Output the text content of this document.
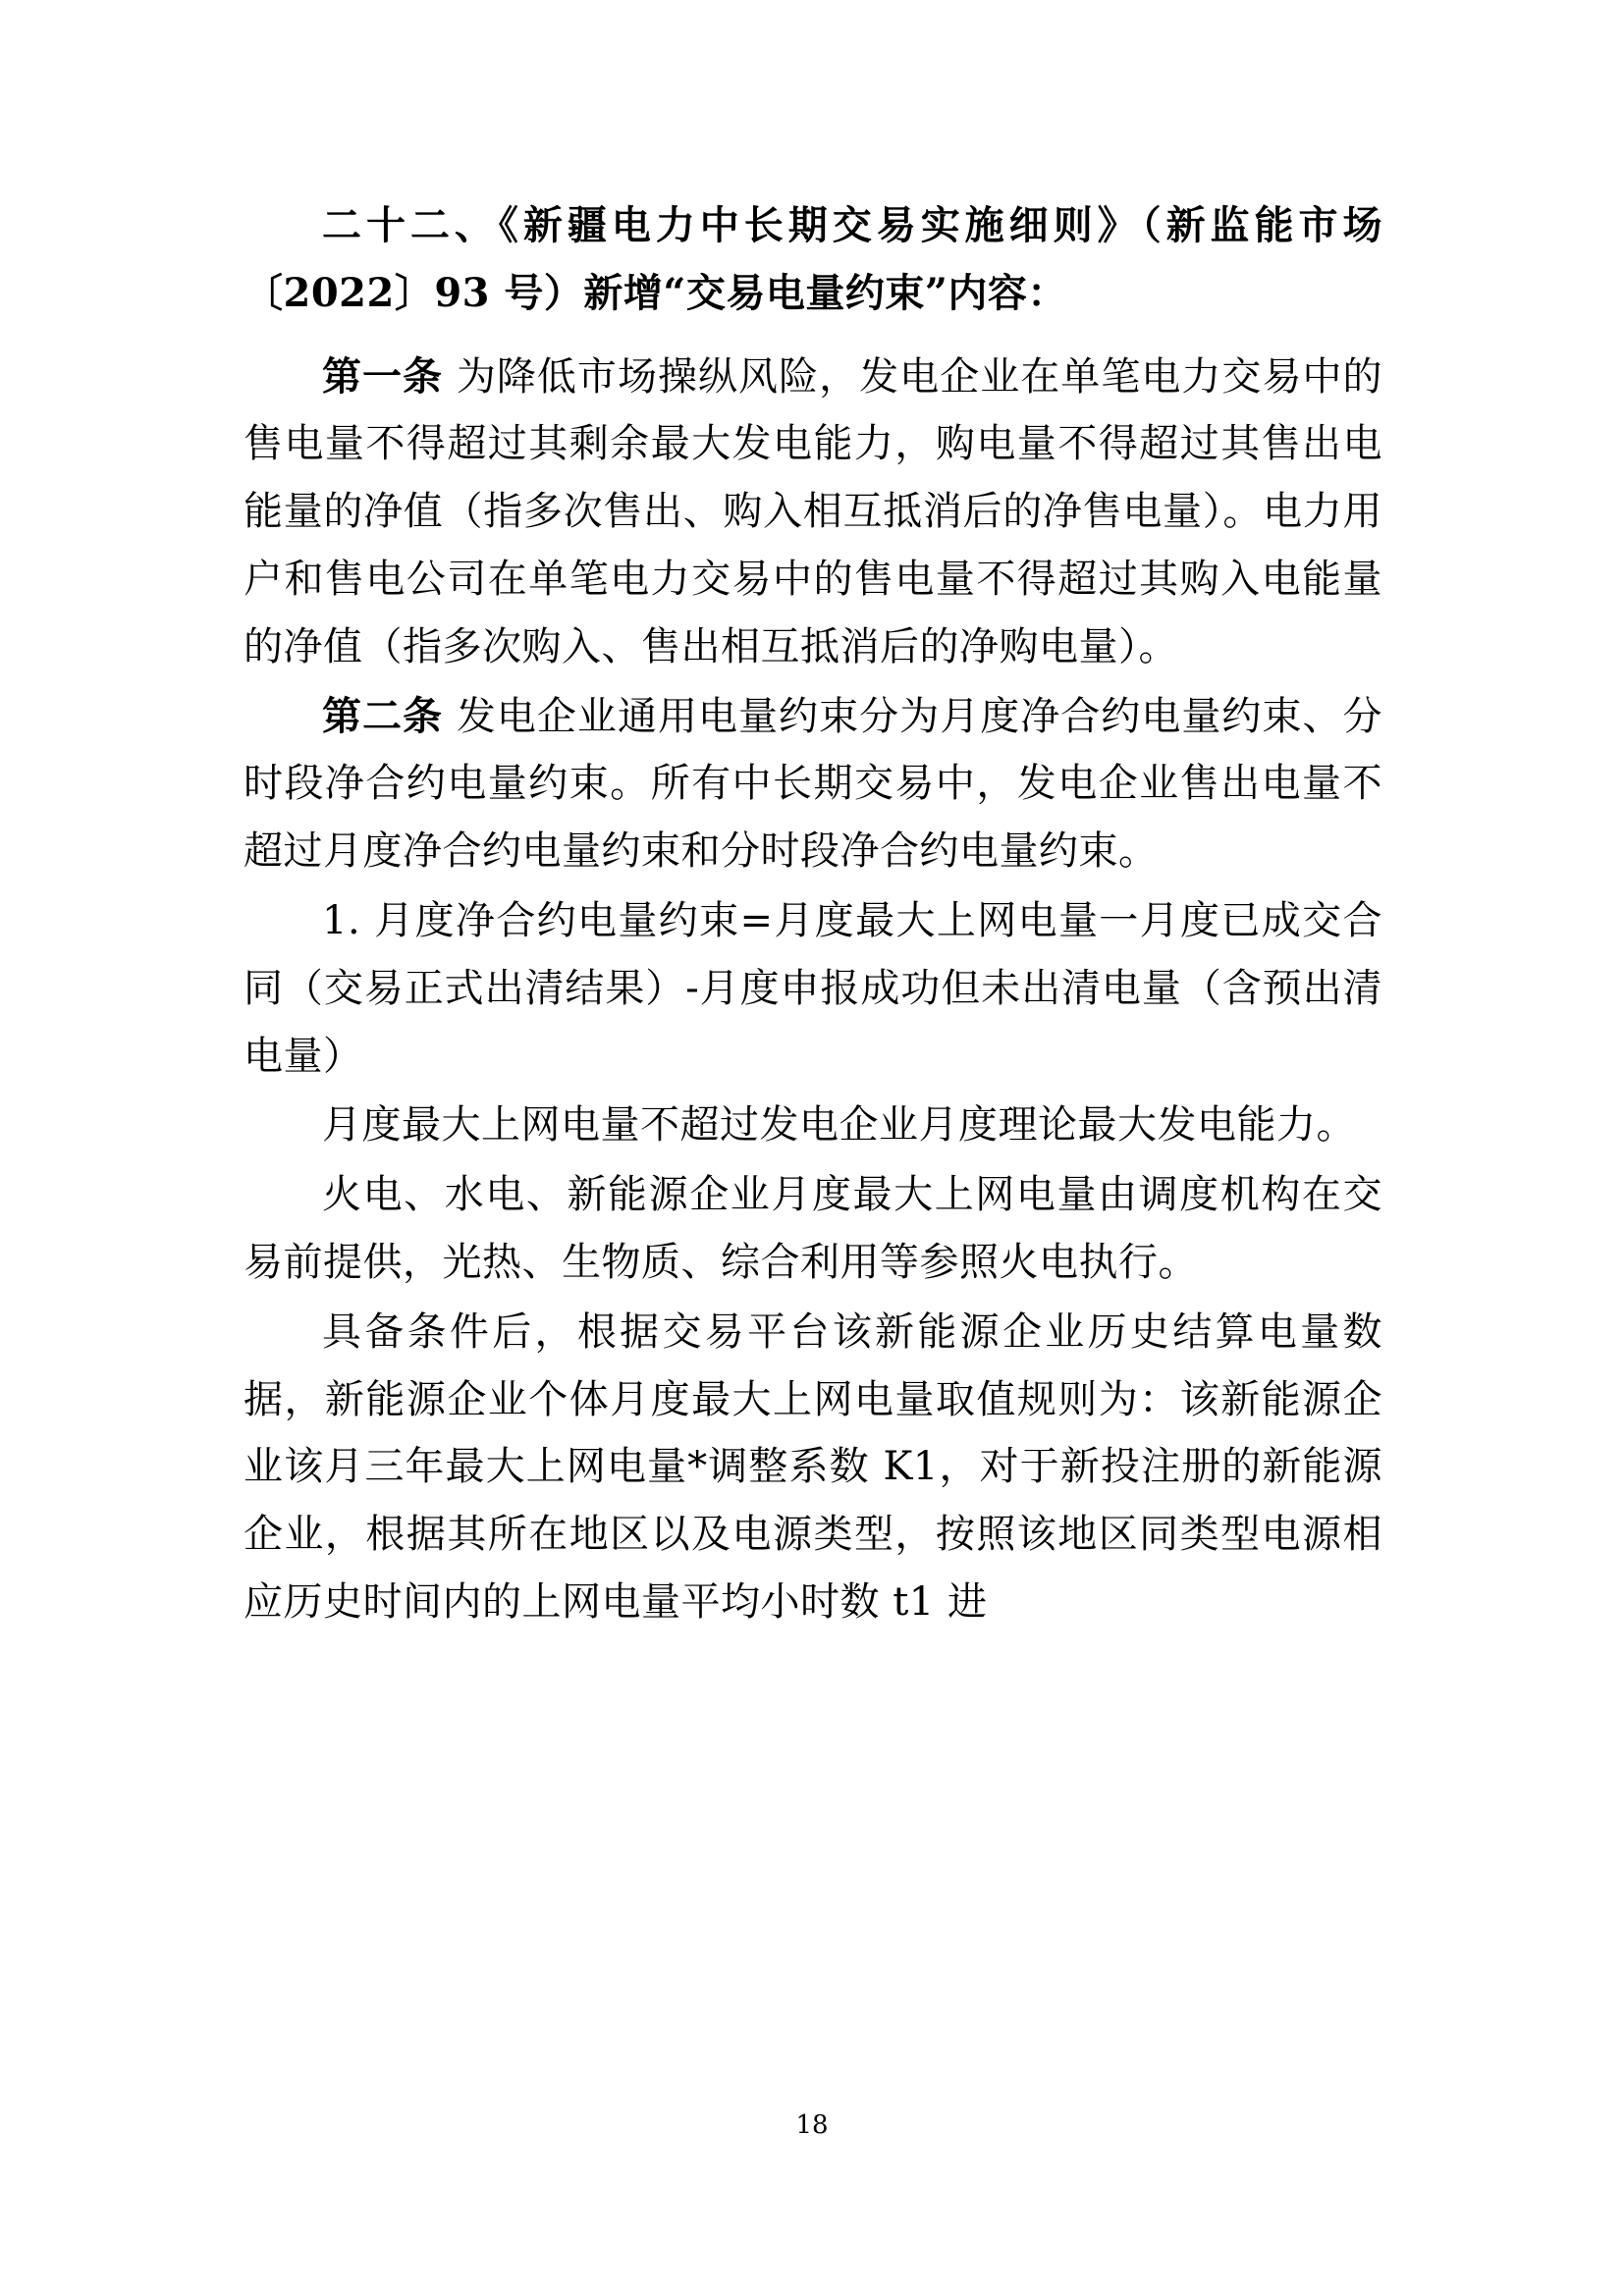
二十二、《新疆电力中长期交易实施细则》（新监能市场〔2022〕93 号）新增“交易电量约束”内容：

第一条 为降低市场操纵风险，发电企业在单笔电力交易中的售电量不得超过其剩余最大发电能力，购电量不得超过其售出电能量的净值（指多次售出、购入相互抵消后的净售电量）。电力用户和售电公司在单笔电力交易中的售电量不得超过其购入电能量的净值（指多次购入、售出相互抵消后的净购电量）。

第二条 发电企业通用电量约束分为月度净合约电量约束、分时段净合约电量约束。所有中长期交易中，发电企业售出电量不超过月度净合约电量约束和分时段净合约电量约束。

1. 月度净合约电量约束=月度最大上网电量一月度已成交合同（交易正式出清结果）-月度申报成功但未出清电量（含预出清电量）

月度最大上网电量不超过发电企业月度理论最大发电能力。

火电、水电、新能源企业月度最大上网电量由调度机构在交易前提供，光热、生物质、综合利用等参照火电执行。

具备条件后，根据交易平台该新能源企业历史结算电量数据，新能源企业个体月度最大上网电量取值规则为：该新能源企业该月三年最大上网电量*调整系数 K1，对于新投注册的新能源企业，根据其所在地区以及电源类型，按照该地区同类型电源相应历史时间内的上网电量平均小时数 t1 进

18
